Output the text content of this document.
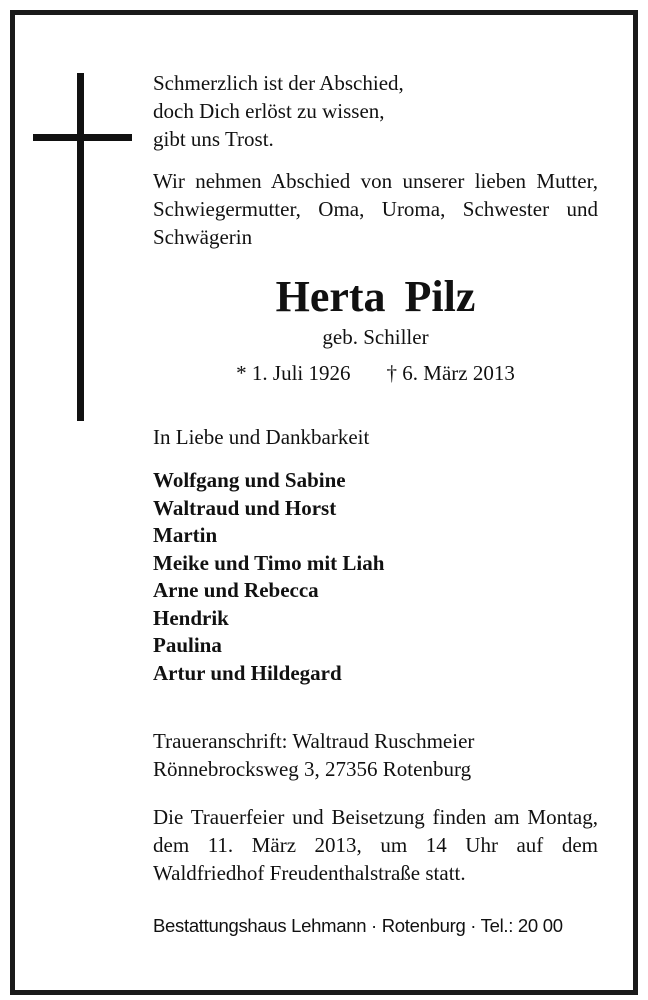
Schmerzlich ist der Abschied,
doch Dich erlöst zu wissen,
gibt uns Trost.

Wir nehmen Abschied von unserer lieben Mutter, Schwiegermutter, Oma, Uroma, Schwester und Schwägerin

Herta Pilz

geb. Schiller

* 1. Juli 1926 † 6. März 2013

In Liebe und Dankbarkeit

Wolfgang und Sabine
Waltraud und Horst
Martin
Meike und Timo mit Liah
Arne und Rebecca
Hendrik
Paulina
Artur und Hildegard

Traueranschrift: Waltraud Ruschmeier
Rönnebrocksweg 3, 27356 Rotenburg

Die Trauerfeier und Beisetzung finden am Montag, dem 11. März 2013, um 14 Uhr auf dem Waldfriedhof Freudenthalstraße statt.

Bestattungshaus Lehmann · Rotenburg · Tel.: 20 00
